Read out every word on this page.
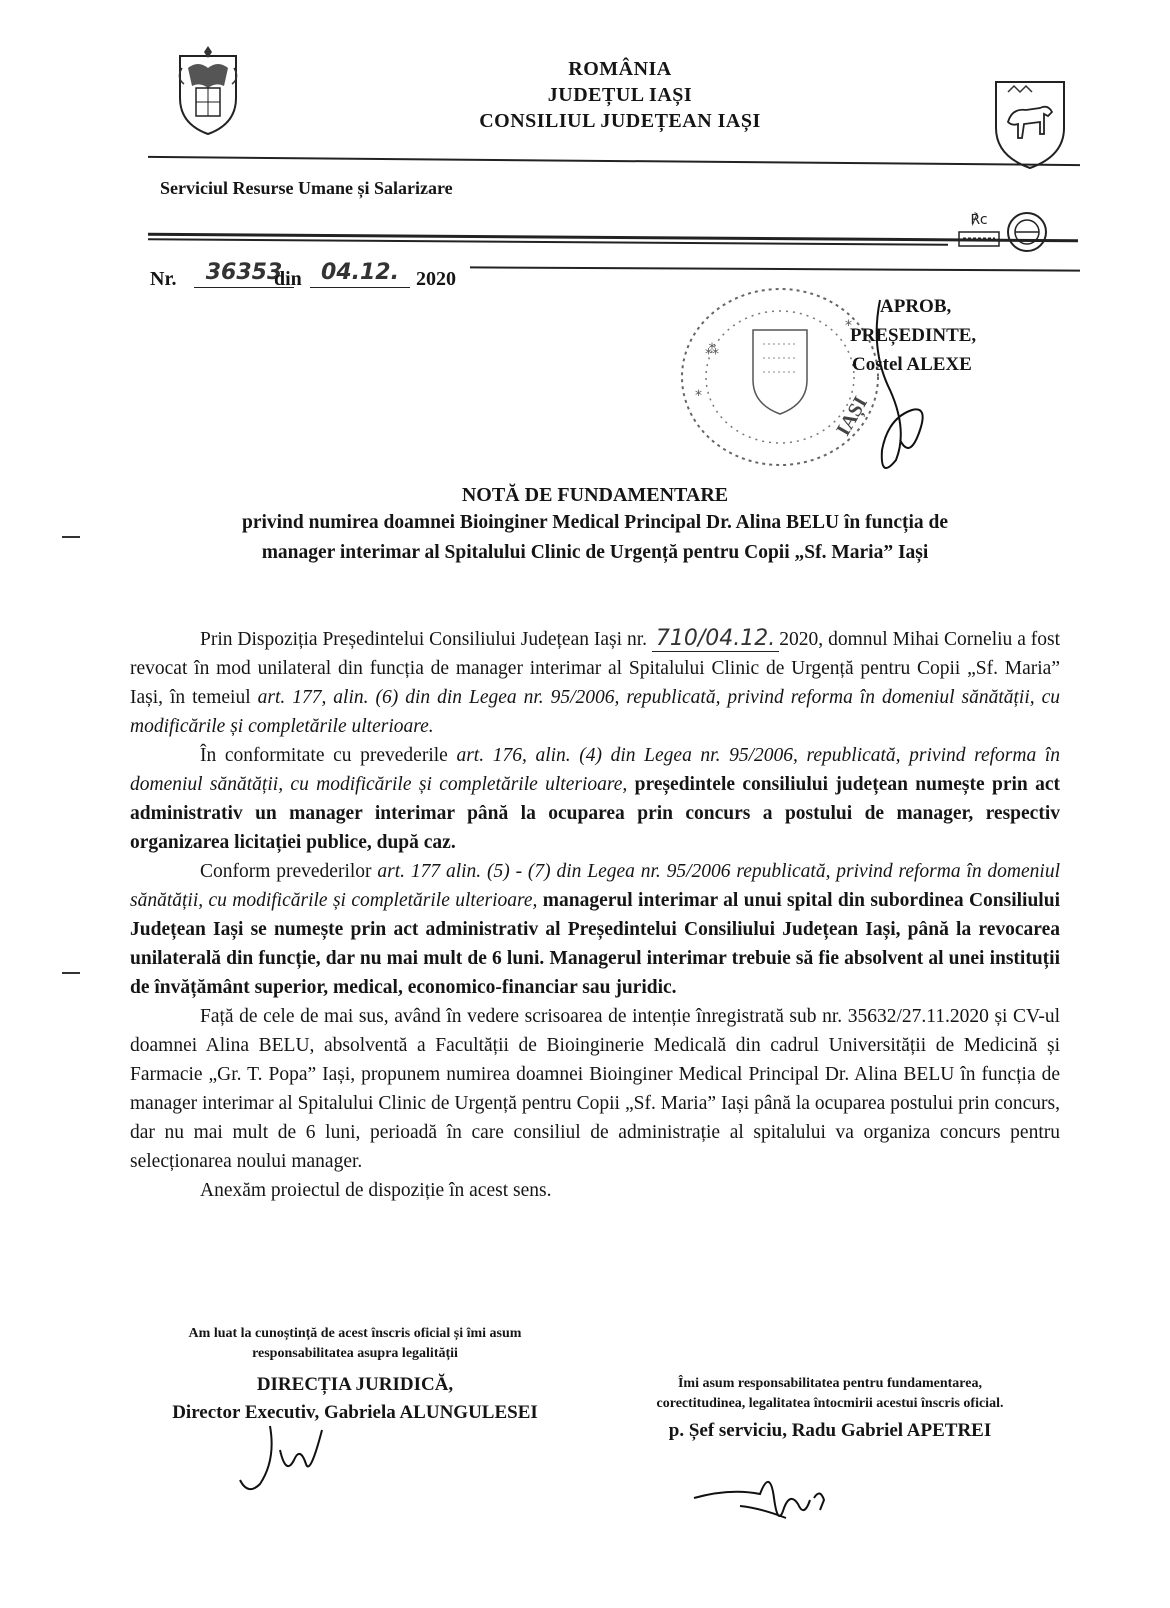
ROMÂNIA
JUDEȚUL IAȘI
CONSILIUL JUDEȚEAN IAȘI
Serviciul Resurse Umane și Salarizare
℟c
Nr.	36353
din 04.12. 2020
⁂
*
*	IAȘI
APROB,
PREȘEDINTE,
Costel ALEXE
NOTĂ DE FUNDAMENTARE
privind numirea doamnei Bioinginer Medical Principal Dr. Alina BELU în funcția de
manager interimar al Spitalului Clinic de Urgență pentru Copii „Sf. Maria” Iași

Prin Dispoziția Președintelui Consiliului Județean Iași nr. 710/04.12. 2020, domnul Mihai Corneliu a fost revocat în mod unilateral din funcția de manager interimar al Spitalului Clinic de Urgență pentru Copii „Sf. Maria” Iași, în temeiul art. 177, alin. (6) din din Legea nr. 95/2006, republicată, privind reforma în domeniul sănătății, cu modificările și completările ulterioare.

În conformitate cu prevederile art. 176, alin. (4) din Legea nr. 95/2006, republicată, privind reforma în domeniul sănătății, cu modificările și completările ulterioare, președintele consiliului județean numește prin act administrativ un manager interimar până la ocuparea prin concurs a postului de manager, respectiv organizarea licitației publice, după caz.

Conform prevederilor art. 177 alin. (5) - (7) din Legea nr. 95/2006 republicată, privind reforma în domeniul sănătății, cu modificările și completările ulterioare, managerul interimar al unui spital din subordinea Consiliului Județean Iași se numește prin act administrativ al Președintelui Consiliului Județean Iași, până la revocarea unilaterală din funcție, dar nu mai mult de 6 luni. Managerul interimar trebuie să fie absolvent al unei instituții de învățământ superior, medical, economico-financiar sau juridic.

Față de cele de mai sus, având în vedere scrisoarea de intenție înregistrată sub nr. 35632/27.11.2020 și CV-ul doamnei Alina BELU, absolventă a Facultății de Bioinginerie Medicală din cadrul Universității de Medicină și Farmacie „Gr. T. Popa” Iași, propunem numirea doamnei Bioinginer Medical Principal Dr. Alina BELU în funcția de manager interimar al Spitalului Clinic de Urgență pentru Copii „Sf. Maria” Iași până la ocuparea postului prin concurs, dar nu mai mult de 6 luni, perioadă în care consiliul de administrație al spitalului va organiza concurs pentru selecționarea noului manager.

Anexăm proiectul de dispoziție în acest sens.

Am luat la cunoștință de acest înscris oficial și îmi asum
responsabilitatea asupra legalității
DIRECȚIA JURIDICĂ,
Director Executiv, Gabriela ALUNGULESEI
Îmi asum responsabilitatea pentru fundamentarea,
corectitudinea, legalitatea întocmirii acestui înscris oficial.
p. Șef serviciu, Radu Gabriel APETREI
